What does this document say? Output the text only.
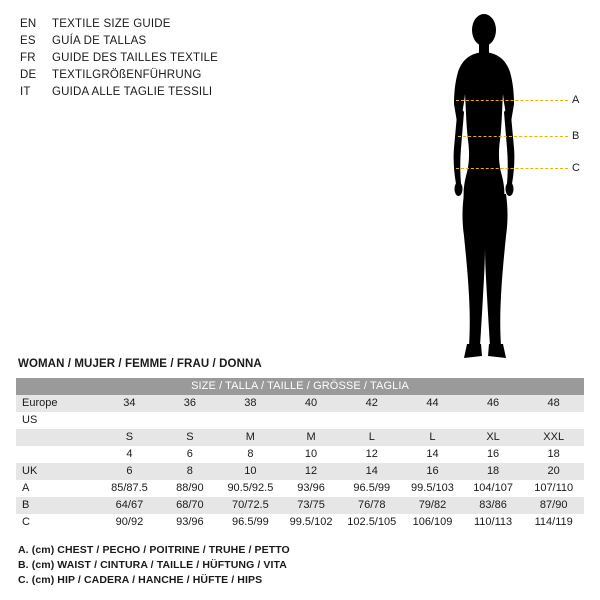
EN	TEXTILE SIZE GUIDE
ES	GUÍA DE TALLAS
FR	GUIDE DES TAILLES TEXTILE
DE	TEXTILGRÖßENFÜHRUNG
IT	GUIDA ALLE TAGLIE TESSILI
A
B
C
WOMAN / MUJER / FEMME / FRAU / DONNA
SIZE / TALLA / TAILLE / GRÖSSE / TAGLIA								
Europe	34	36	38	40	42	44	46	48
US								
	S	S	M	M	L	L	XL	XXL
	4	6	8	10	12	14	16	18
UK	6	8	10	12	14	16	18	20
A	85/87.5	88/90	90.5/92.5	93/96	96.5/99	99.5/103	104/107	107/110
B	64/67	68/70	70/72.5	73/75	76/78	79/82	83/86	87/90
C	90/92	93/96	96.5/99	99.5/102	102.5/105	106/109	110/113	114/119
A. (cm) CHEST / PECHO / POITRINE / TRUHE / PETTO
B. (cm) WAIST / CINTURA / TAILLE / HÜFTUNG / VITA
C. (cm) HIP / CADERA / HANCHE / HÜFTE / HIPS
